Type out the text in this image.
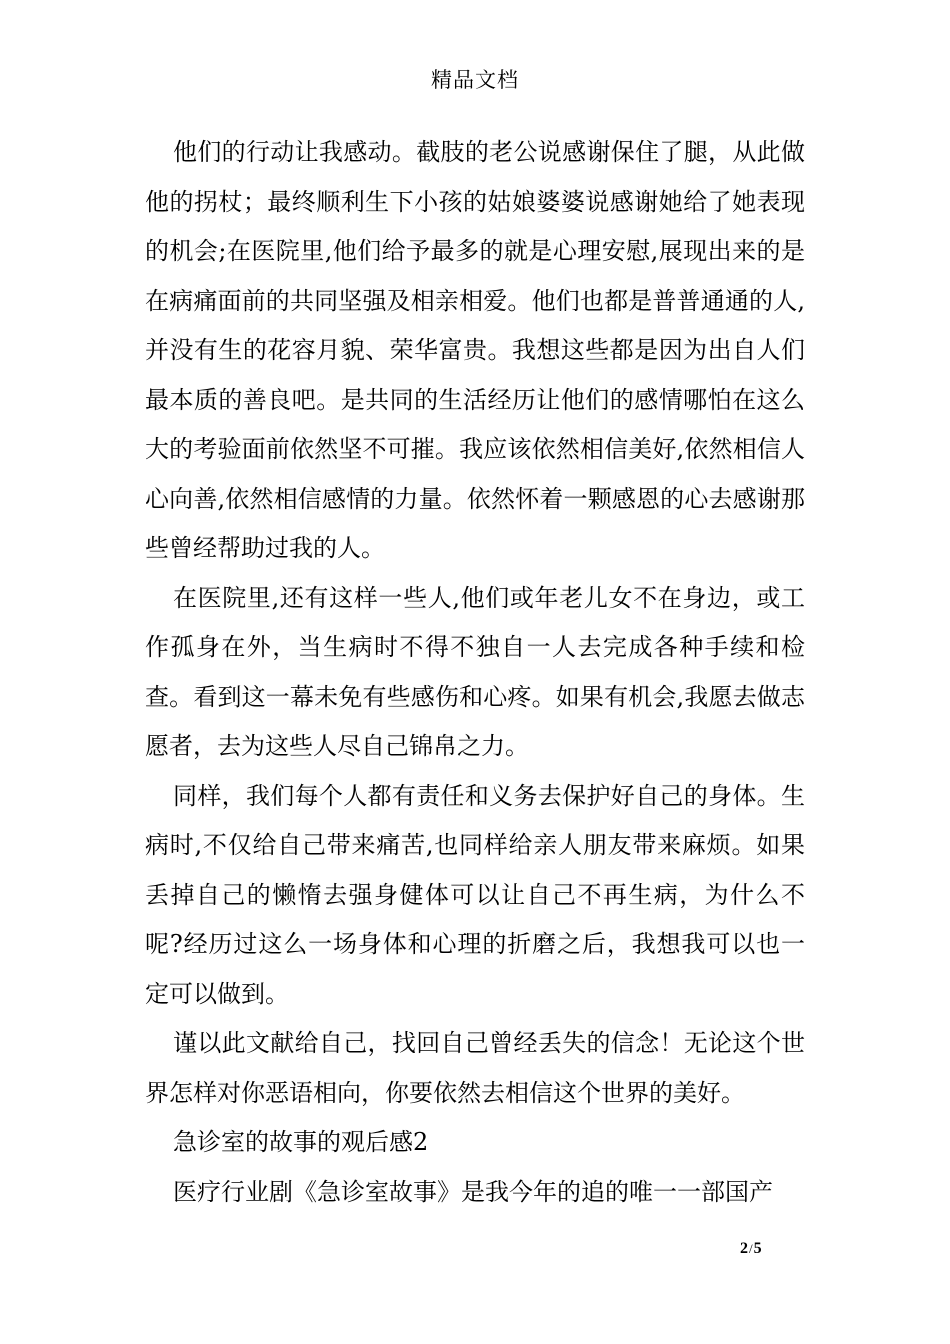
精品文档

他们的行动让我感动。截肢的老公说感谢保住了腿，从此做他的拐杖；最终顺利生下小孩的姑娘婆婆说感谢她给了她表现的机会;在医院里,他们给予最多的就是心理安慰,展现出来的是在病痛面前的共同坚强及相亲相爱。他们也都是普普通通的人,并没有生的花容月貌、荣华富贵。我想这些都是因为出自人们最本质的善良吧。是共同的生活经历让他们的感情哪怕在这么大的考验面前依然坚不可摧。我应该依然相信美好,依然相信人心向善,依然相信感情的力量。依然怀着一颗感恩的心去感谢那些曾经帮助过我的人。

在医院里,还有这样一些人,他们或年老儿女不在身边，或工作孤身在外，当生病时不得不独自一人去完成各种手续和检查。看到这一幕未免有些感伤和心疼。如果有机会,我愿去做志愿者，去为这些人尽自己锦帛之力。

同样，我们每个人都有责任和义务去保护好自己的身体。生病时,不仅给自己带来痛苦,也同样给亲人朋友带来麻烦。如果丢掉自己的懒惰去强身健体可以让自己不再生病，为什么不呢?经历过这么一场身体和心理的折磨之后，我想我可以也一定可以做到。

谨以此文献给自己，找回自己曾经丢失的信念！无论这个世界怎样对你恶语相向，你要依然去相信这个世界的美好。

急诊室的故事的观后感2

医疗行业剧《急诊室故事》是我今年的追的唯一一部国产

2/5
